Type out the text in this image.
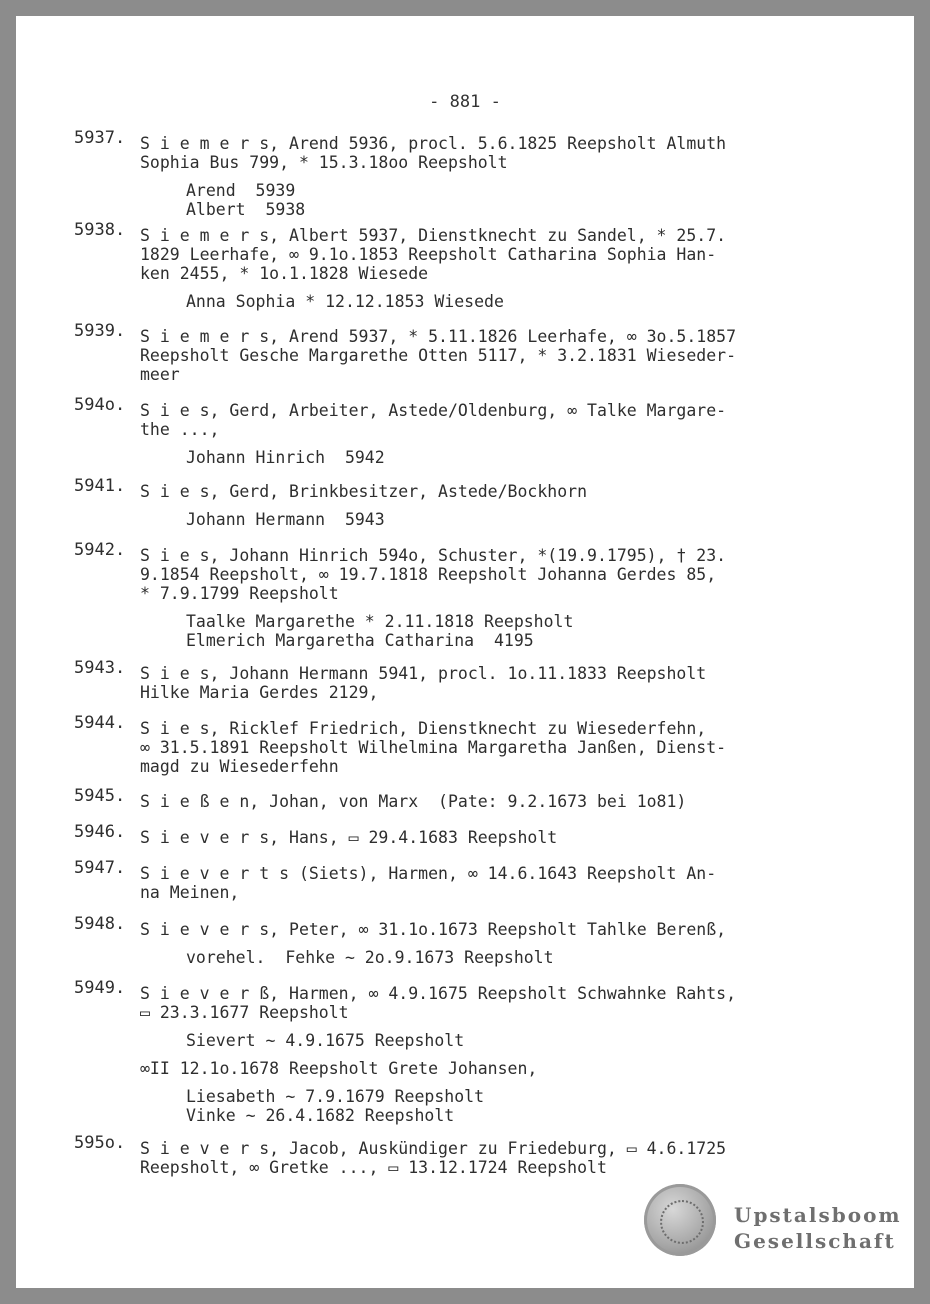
- 881 -
5937. S i e m e r s, Arend 5936, procl. 5.6.1825 Reepsholt Almuth
Sophia Bus 799, * 15.3.18oo Reepsholt
Arend  5939
Albert  5938
5938. S i e m e r s, Albert 5937, Dienstknecht zu Sandel, * 25.7.
1829 Leerhafe, ∞ 9.1o.1853 Reepsholt Catharina Sophia Han-
ken 2455, * 1o.1.1828 Wiesede
Anna Sophia * 12.12.1853 Wiesede
5939. S i e m e r s, Arend 5937, * 5.11.1826 Leerhafe, ∞ 3o.5.1857
Reepsholt Gesche Margarethe Otten 5117, * 3.2.1831 Wieseder-
meer
594o. S i e s, Gerd, Arbeiter, Astede/Oldenburg, ∞ Talke Margare-
the ...,
Johann Hinrich  5942
5941. S i e s, Gerd, Brinkbesitzer, Astede/Bockhorn
Johann Hermann  5943
5942. S i e s, Johann Hinrich 594o, Schuster, *(19.9.1795), † 23.
9.1854 Reepsholt, ∞ 19.7.1818 Reepsholt Johanna Gerdes 85,
* 7.9.1799 Reepsholt
Taalke Margarethe * 2.11.1818 Reepsholt
Elmerich Margaretha Catharina  4195
5943. S i e s, Johann Hermann 5941, procl. 1o.11.1833 Reepsholt
Hilke Maria Gerdes 2129,
5944. S i e s, Ricklef Friedrich, Dienstknecht zu Wiesederfehn,
∞ 31.5.1891 Reepsholt Wilhelmina Margaretha Janßen, Dienst-
magd zu Wiesederfehn
5945. S i e ß e n, Johan, von Marx  (Pate: 9.2.1673 bei 1o81)
5946. S i e v e r s, Hans, ▭ 29.4.1683 Reepsholt
5947. S i e v e r t s (Siets), Harmen, ∞ 14.6.1643 Reepsholt An-
na Meinen,
5948. S i e v e r s, Peter, ∞ 31.1o.1673 Reepsholt Tahlke Berenß,
vorehel.  Fehke ~ 2o.9.1673 Reepsholt
5949. S i e v e r ß, Harmen, ∞ 4.9.1675 Reepsholt Schwahnke Rahts,
▭ 23.3.1677 Reepsholt
Sievert ~ 4.9.1675 Reepsholt
∞II 12.1o.1678 Reepsholt Grete Johansen,
Liesabeth ~ 7.9.1679 Reepsholt
Vinke ~ 26.4.1682 Reepsholt
595o. S i e v e r s, Jacob, Auskündiger zu Friedeburg, ▭ 4.6.1725
Reepsholt, ∞ Gretke ..., ▭ 13.12.1724 Reepsholt
Upstalsboom
Gesellschaft
